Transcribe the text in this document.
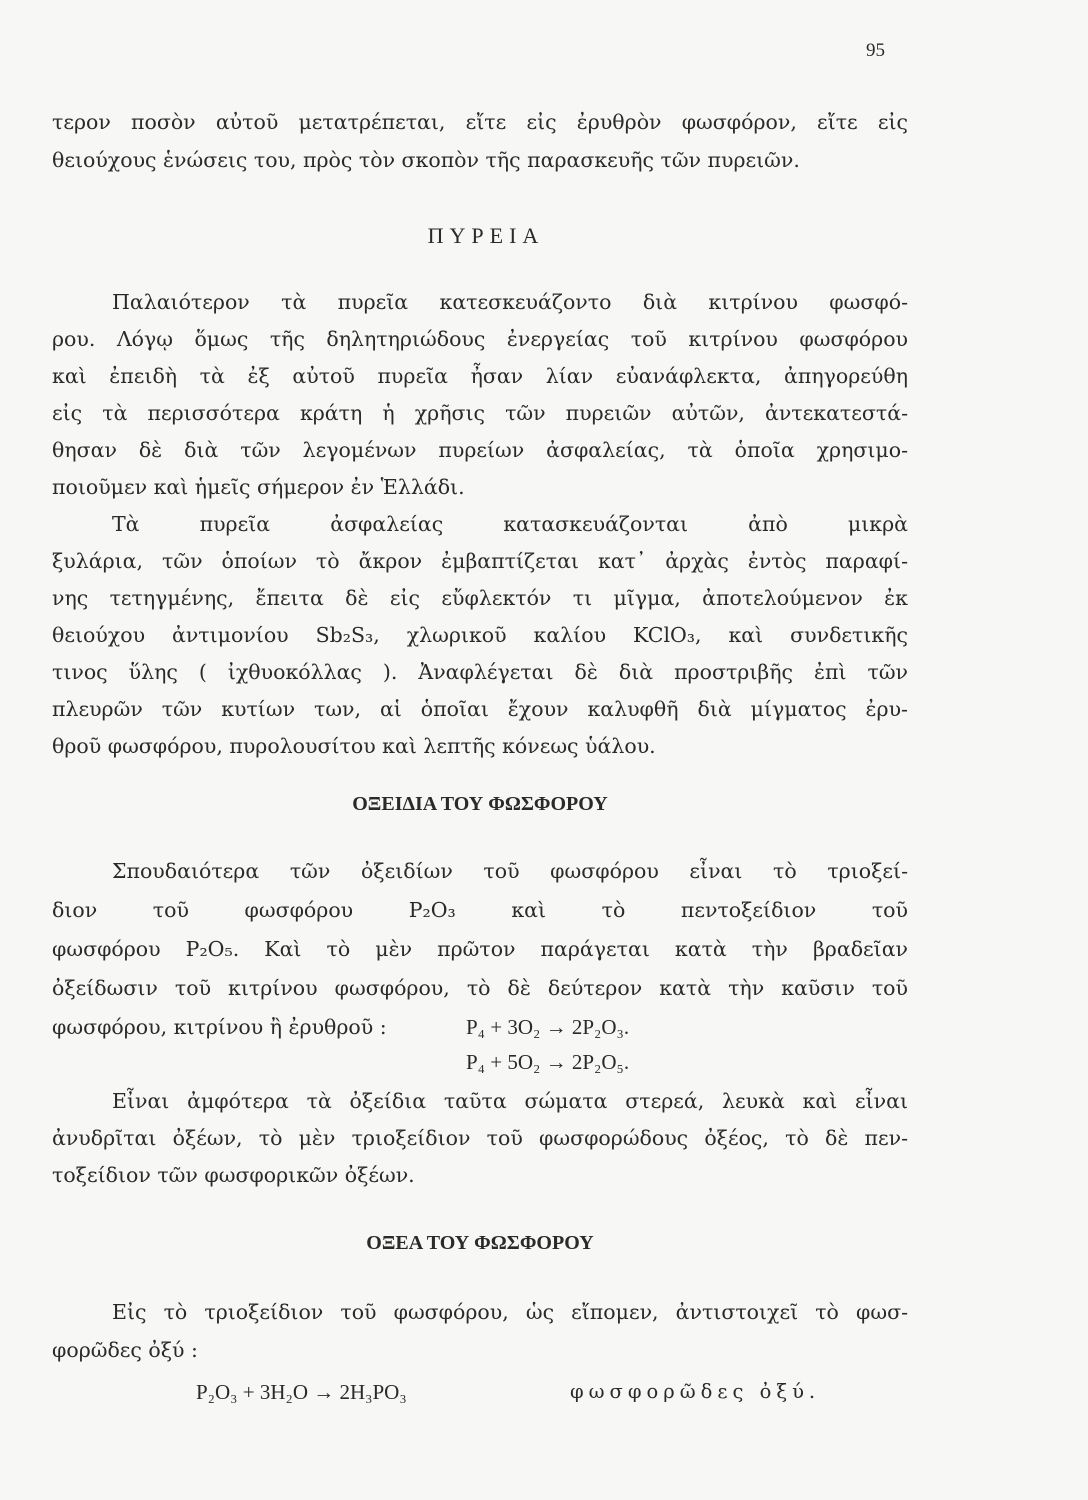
95
τερον ποσὸν αὐτοῦ μετατρέπεται, εἴτε εἰς ἐρυθρὸν φωσφόρον, εἴτε εἰς
θειούχους ἑνώσεις του, πρὸς τὸν σκοπὸν τῆς παρασκευῆς τῶν πυρειῶν.
ΠΥΡΕΙΑ
Παλαιότερον τὰ πυρεῖα κατεσκευάζοντο διὰ κιτρίνου φωσφό-
ρου. Λόγῳ ὅμως τῆς δηλητηριώδους ἐνεργείας τοῦ κιτρίνου φωσφόρου
καὶ ἐπειδὴ τὰ ἐξ αὐτοῦ πυρεῖα ἦσαν λίαν εὐανάφλεκτα, ἀπηγορεύθη
εἰς τὰ περισσότερα κράτη ἡ χρῆσις τῶν πυρειῶν αὐτῶν, ἀντεκατεστά-
θησαν δὲ διὰ τῶν λεγομένων πυρείων ἀσφαλείας, τὰ ὁποῖα χρησιμο-
ποιοῦμεν καὶ ἡμεῖς σήμερον ἐν Ἑλλάδι.
Τὰ πυρεῖα ἀσφαλείας κατασκευάζονται ἀπὸ μικρὰ
ξυλάρια, τῶν ὁποίων τὸ ἄκρον ἐμβαπτίζεται κατ᾽ ἀρχὰς ἐντὸς παραφί-
νης τετηγμένης, ἔπειτα δὲ εἰς εὔφλεκτόν τι μῖγμα, ἀποτελούμενον ἐκ
θειούχου ἀντιμονίου Sb₂S₃, χλωρικοῦ καλίου KClO₃, καὶ συνδετικῆς
τινος ὕλης ( ἰχθυοκόλλας ). Ἀναφλέγεται δὲ διὰ προστριβῆς ἐπὶ τῶν
πλευρῶν τῶν κυτίων των, αἱ ὁποῖαι ἔχουν καλυφθῆ διὰ μίγματος ἐρυ-
θροῦ φωσφόρου, πυρολουσίτου καὶ λεπτῆς κόνεως ὑάλου.
ΟΞΕΙΔΙΑ ΤΟΥ ΦΩΣΦΟΡΟΥ
Σπουδαιότερα τῶν ὀξειδίων τοῦ φωσφόρου εἶναι τὸ τριοξεί-
διον τοῦ φωσφόρου P₂O₃ καὶ τὸ πεντοξείδιον τοῦ
φωσφόρου P₂O₅. Καὶ τὸ μὲν πρῶτον παράγεται κατὰ τὴν βραδεῖαν
ὀξείδωσιν τοῦ κιτρίνου φωσφόρου, τὸ δὲ δεύτερον κατὰ τὴν καῦσιν τοῦ
φωσφόρου, κιτρίνου ἢ ἐρυθροῦ :	P₄ + 3O₂ → 2P₂O₃.
P₄ + 5O₂ → 2P₂O₅.
Εἶναι ἀμφότερα τὰ ὀξείδια ταῦτα σώματα στερεά, λευκὰ καὶ εἶναι
ἀνυδρῖται ὀξέων, τὸ μὲν τριοξείδιον τοῦ φωσφορώδους ὀξέος, τὸ δὲ πεν-
τοξείδιον τῶν φωσφορικῶν ὀξέων.
ΟΞΕΑ ΤΟΥ ΦΩΣΦΟΡΟΥ
Εἰς τὸ τριοξείδιον τοῦ φωσφόρου, ὡς εἴπομεν, ἀντιστοιχεῖ τὸ φωσ-
φορῶδες ὀξύ :
P₂O₃ + 3H₂O → 2H₃PO₃	φωσφορῶδες ὀξύ.
